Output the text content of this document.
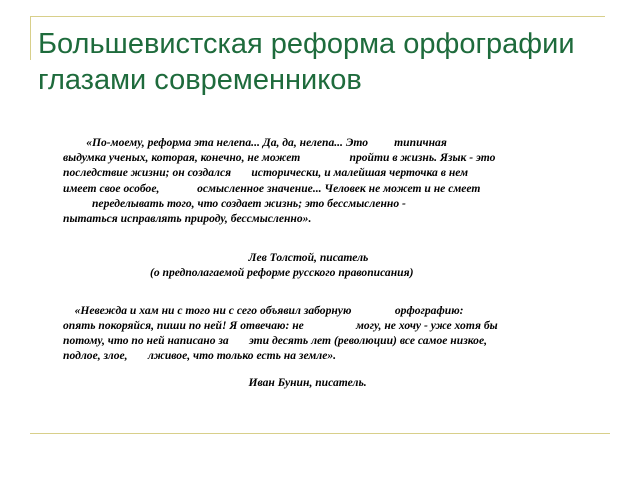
Большевистская реформа орфографии
глазами современников
«По-моему, реформа эта нелепа... Да, да, нелепа... Это         типичная
выдумка ученых, которая, конечно, не может                 пройти в жизнь. Язык - это
последствие жизни; он создался       исторически, и малейшая черточка в нем
имеет свое особое,             осмысленное значение... Человек не может и не смеет
переделывать того, что создает жизнь; это бессмысленно -
пытаться исправлять природу, бессмысленно».
Лев Толстой, писатель
(о предполагаемой реформе русского правописания)
«Невежда и хам ни с того ни с сего объявил заборную               орфографию:
опять покоряйся, пиши по ней! Я отвечаю: не                  могу, не хочу - уже хотя бы
потому, что по ней написано за       эти десять лет (революции) все самое низкое,
подлое, злое,       лживое, что только есть на земле».
Иван Бунин, писатель.
